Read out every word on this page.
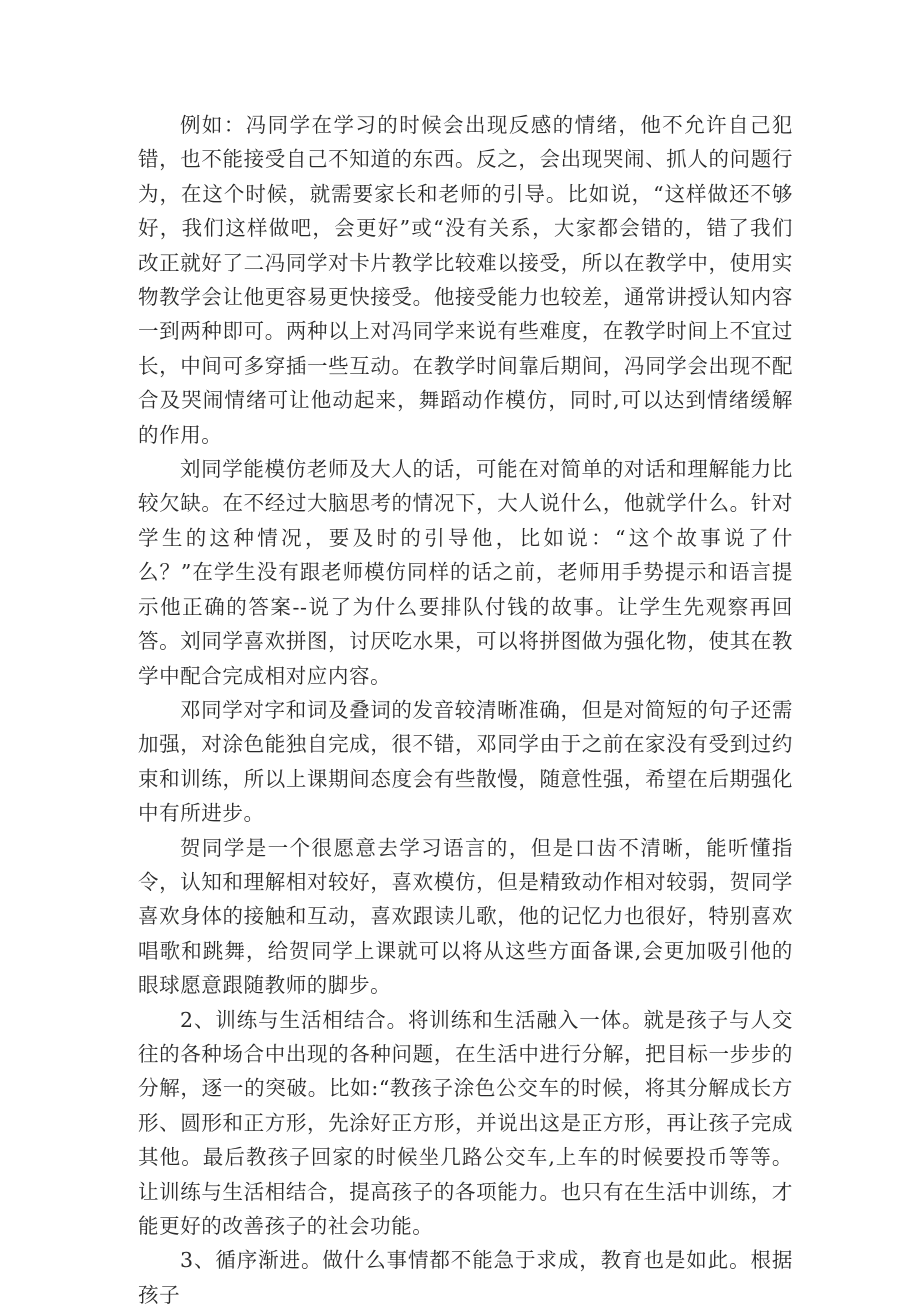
例如：冯同学在学习的时候会出现反感的情绪，他不允许自己犯错，也不能接受自己不知道的东西。反之，会出现哭闹、抓人的问题行为，在这个时候，就需要家长和老师的引导。比如说，“这样做还不够好，我们这样做吧，会更好”或“没有关系，大家都会错的，错了我们改正就好了二冯同学对卡片教学比较难以接受，所以在教学中，使用实物教学会让他更容易更快接受。他接受能力也较差，通常讲授认知内容一到两种即可。两种以上对冯同学来说有些难度，在教学时间上不宜过长，中间可多穿插一些互动。在教学时间靠后期间，冯同学会出现不配合及哭闹情绪可让他动起来，舞蹈动作模仿，同时,可以达到情绪缓解的作用。

刘同学能模仿老师及大人的话，可能在对简单的对话和理解能力比较欠缺。在不经过大脑思考的情况下，大人说什么，他就学什么。针对学生的这种情况，要及时的引导他，比如说：“这个故事说了什么？”在学生没有跟老师模仿同样的话之前，老师用手势提示和语言提示他正确的答案--说了为什么要排队付钱的故事。让学生先观察再回答。刘同学喜欢拼图，讨厌吃水果，可以将拼图做为强化物，使其在教学中配合完成相对应内容。

邓同学对字和词及叠词的发音较清晰准确，但是对简短的句子还需加强，对涂色能独自完成，很不错，邓同学由于之前在家没有受到过约束和训练，所以上课期间态度会有些散慢，随意性强，希望在后期强化中有所进步。

贺同学是一个很愿意去学习语言的，但是口齿不清晰，能听懂指令，认知和理解相对较好，喜欢模仿，但是精致动作相对较弱，贺同学喜欢身体的接触和互动，喜欢跟读儿歌，他的记忆力也很好，特别喜欢唱歌和跳舞，给贺同学上课就可以将从这些方面备课,会更加吸引他的眼球愿意跟随教师的脚步。

2、训练与生活相结合。将训练和生活融入一体。就是孩子与人交往的各种场合中出现的各种问题，在生活中进行分解，把目标一步步的分解，逐一的突破。比如:“教孩子涂色公交车的时候，将其分解成长方形、圆形和正方形，先涂好正方形，并说出这是正方形，再让孩子完成其他。最后教孩子回家的时候坐几路公交车,上车的时候要投币等等。让训练与生活相结合，提高孩子的各项能力。也只有在生活中训练，才能更好的改善孩子的社会功能。

3、循序渐进。做什么事情都不能急于求成，教育也是如此。根据孩子
